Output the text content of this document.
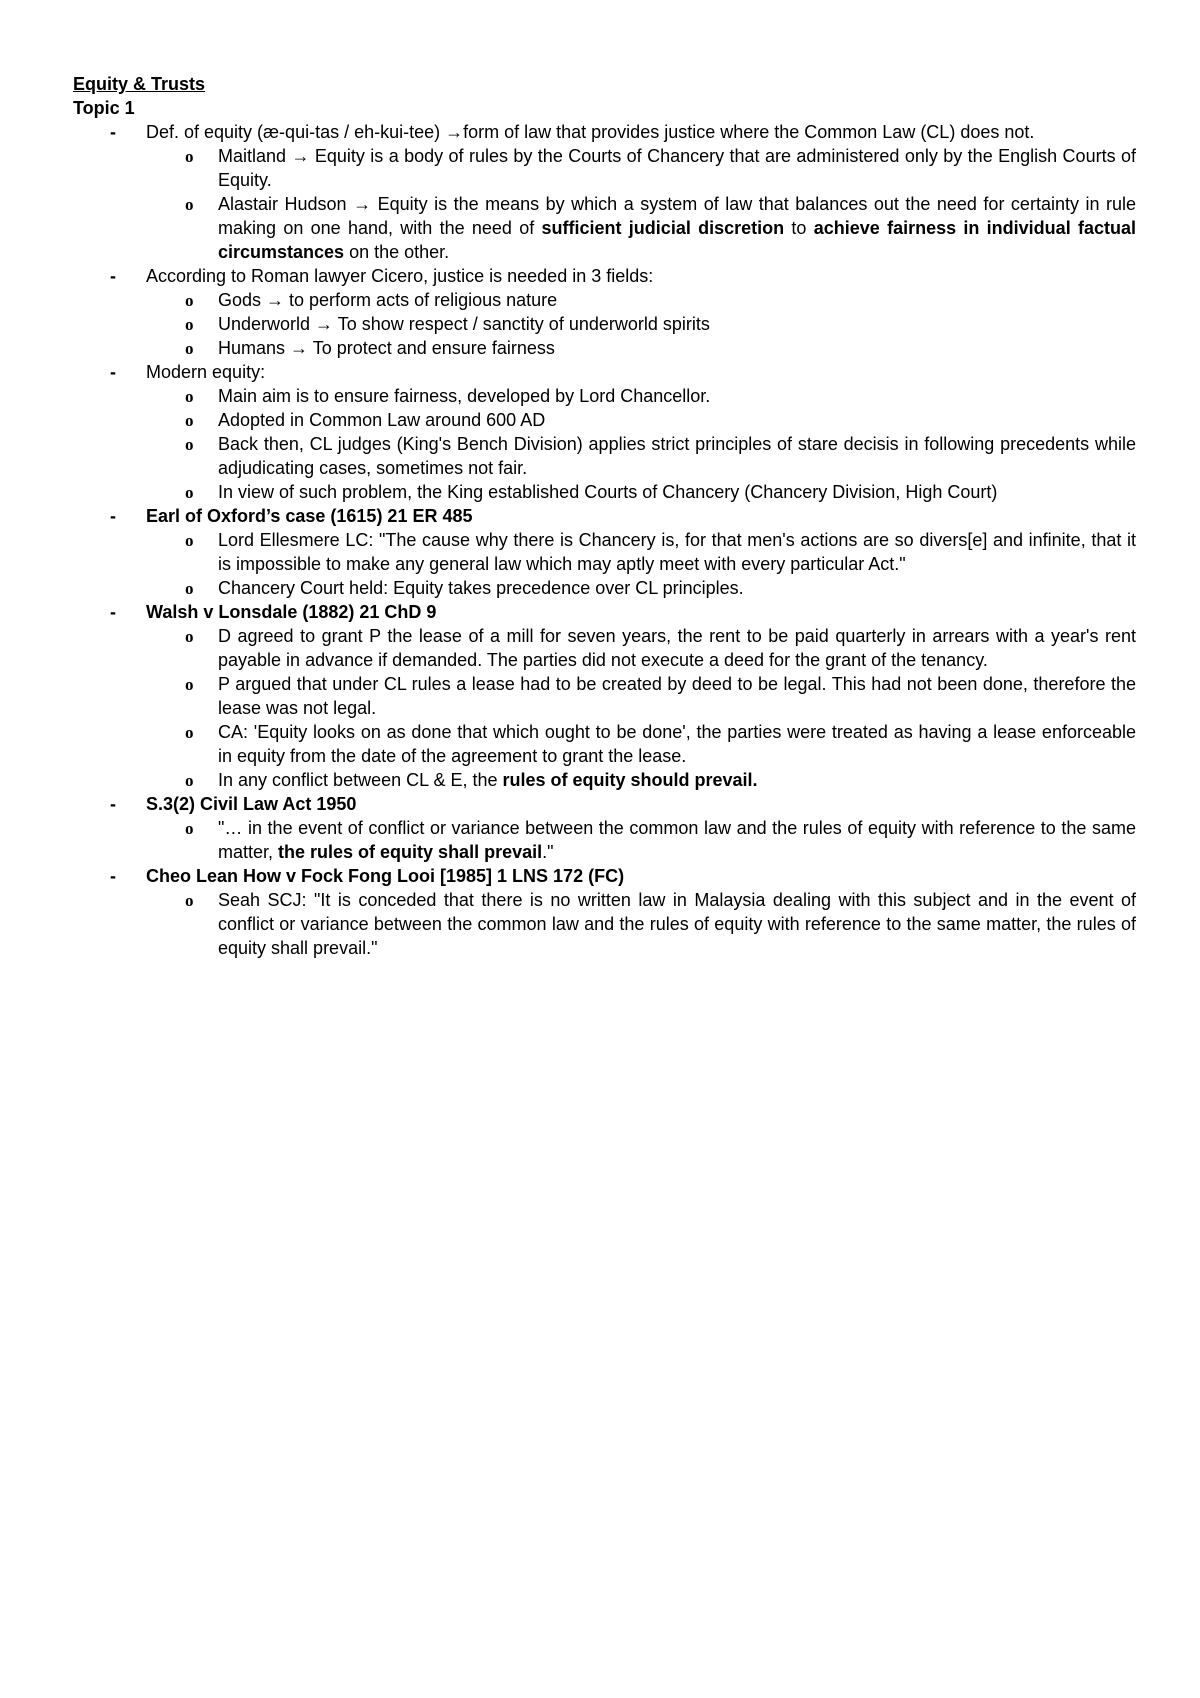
Equity & Trusts
Topic 1
- Def. of equity (æ-qui-tas / eh-kui-tee) →form of law that provides justice where the Common Law (CL) does not.
o Maitland → Equity is a body of rules by the Courts of Chancery that are administered only by the English Courts of Equity.
o Alastair Hudson → Equity is the means by which a system of law that balances out the need for certainty in rule making on one hand, with the need of sufficient judicial discretion to achieve fairness in individual factual circumstances on the other.
- According to Roman lawyer Cicero, justice is needed in 3 fields:
o Gods → to perform acts of religious nature
o Underworld → To show respect / sanctity of underworld spirits
o Humans → To protect and ensure fairness
- Modern equity:
o Main aim is to ensure fairness, developed by Lord Chancellor.
o Adopted in Common Law around 600 AD
o Back then, CL judges (King's Bench Division) applies strict principles of stare decisis in following precedents while adjudicating cases, sometimes not fair.
o In view of such problem, the King established Courts of Chancery (Chancery Division, High Court)
- Earl of Oxford’s case (1615) 21 ER 485
o Lord Ellesmere LC: "The cause why there is Chancery is, for that men's actions are so divers[e] and infinite, that it is impossible to make any general law which may aptly meet with every particular Act."
o Chancery Court held: Equity takes precedence over CL principles.
- Walsh v Lonsdale (1882) 21 ChD 9
o D agreed to grant P the lease of a mill for seven years, the rent to be paid quarterly in arrears with a year's rent payable in advance if demanded. The parties did not execute a deed for the grant of the tenancy.
o P argued that under CL rules a lease had to be created by deed to be legal. This had not been done, therefore the lease was not legal.
o CA: 'Equity looks on as done that which ought to be done', the parties were treated as having a lease enforceable in equity from the date of the agreement to grant the lease.
o In any conflict between CL & E, the rules of equity should prevail.
- S.3(2) Civil Law Act 1950
o "… in the event of conflict or variance between the common law and the rules of equity with reference to the same matter, the rules of equity shall prevail."
- Cheo Lean How v Fock Fong Looi [1985] 1 LNS 172 (FC)
o Seah SCJ: "It is conceded that there is no written law in Malaysia dealing with this subject and in the event of conflict or variance between the common law and the rules of equity with reference to the same matter, the rules of equity shall prevail."
